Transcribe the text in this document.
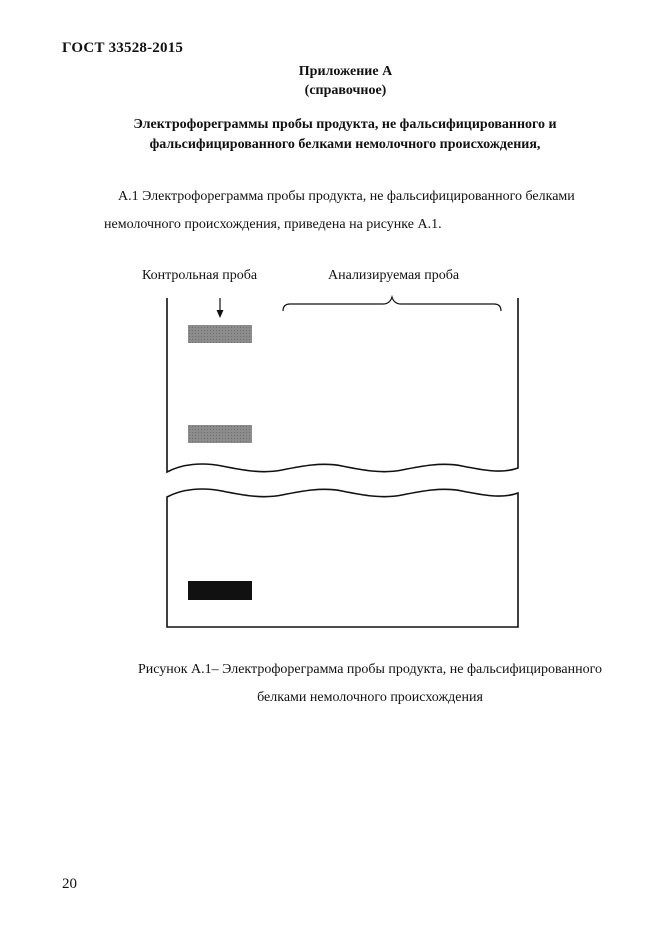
ГОСТ 33528-2015
Приложение А
(справочное)
Электрофореграммы пробы продукта, не фальсифицированного и
фальсифицированного белками немолочного происхождения,
А.1 Электрофореграмма пробы продукта, не фальсифицированного белками
немолочного происхождения, приведена на рисунке А.1.
Контрольная проба	Анализируемая проба
Рисунок А.1– Электрофореграмма пробы продукта, не фальсифицированного
белками немолочного происхождения
20
